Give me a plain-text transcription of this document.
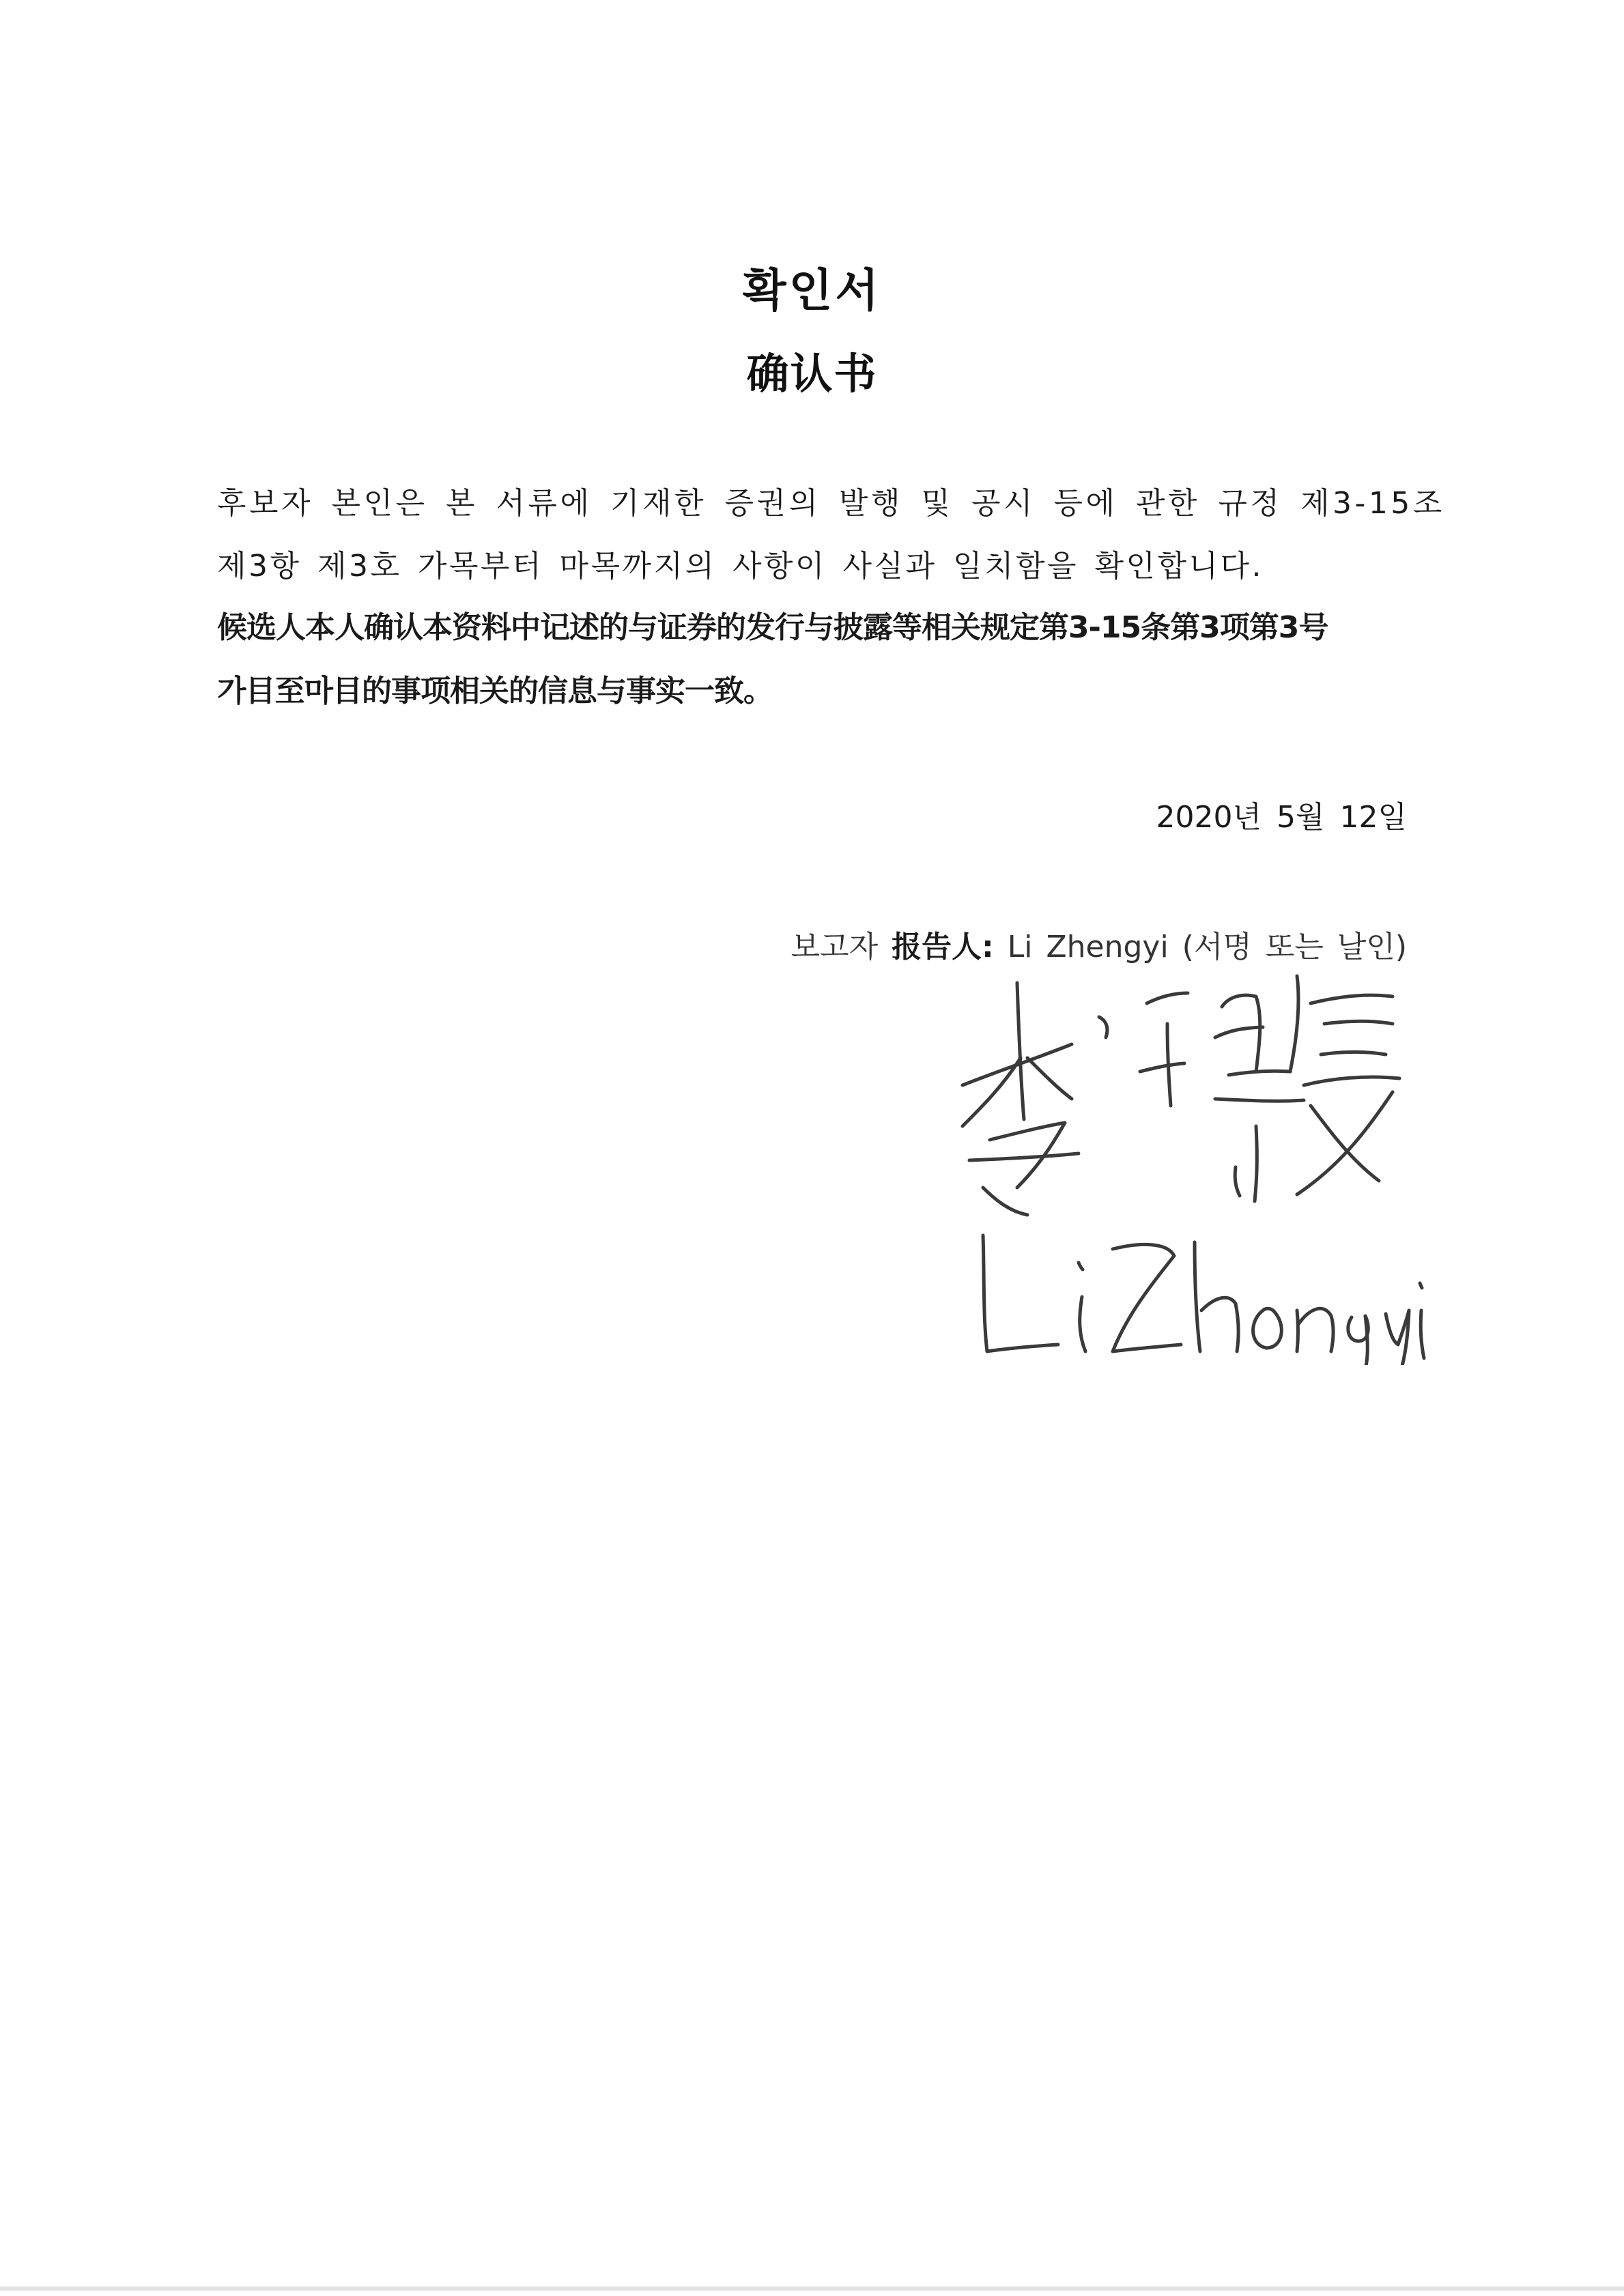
확인서
确认书
후보자 본인은 본 서류에 기재한 증권의 발행 및 공시 등에 관한 규정 제3-15조
제3항 제3호 가목부터 마목까지의 사항이 사실과 일치함을 확인합니다.
候选人本人确认本资料中记述的与证券的发行与披露等相关规定第3-15条第3项第3号
가目至마目的事项相关的信息与事实一致。
2020년 5월 12일
보고자 报告人: Li Zhengyi (서명 또는 날인)
